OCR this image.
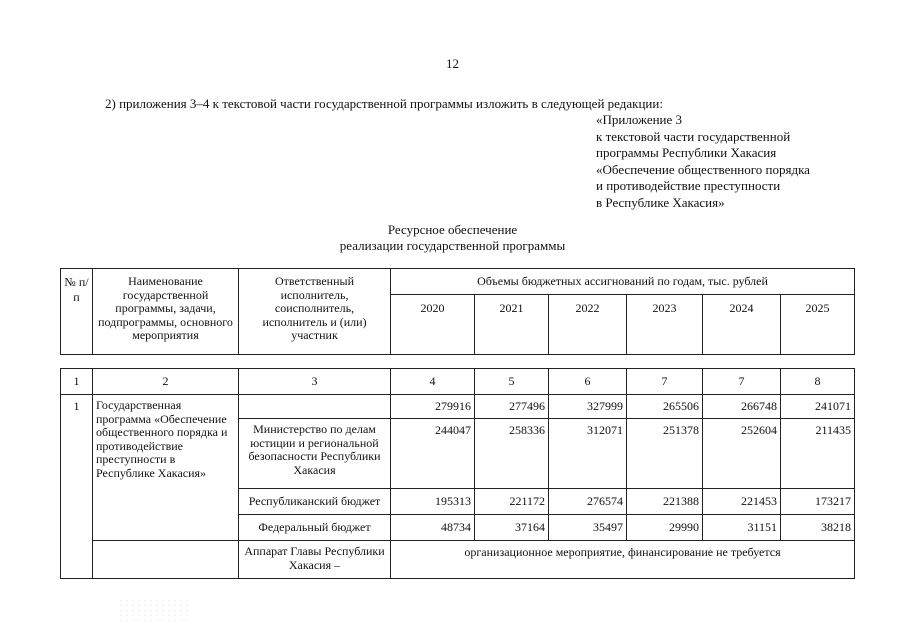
12
2) приложения 3–4 к текстовой части государственной программы изложить в следующей редакции:
«Приложение 3
к текстовой части государственной
программы Республики Хакасия
«Обеспечение общественного порядка
и противодействие преступности
в Республике Хакасия»
Ресурсное обеспечение
реализации государственной программы
№ п/п	Наименование государственной программы, задачи, подпрограммы, основного мероприятия	Ответственный исполнитель, соисполнитель, исполнитель и (или) участник	Объемы бюджетных ассигнований по годам, тыс. рублей					
			2020	2021	2022	2023	2024	2025
1	2	3	4	5	6	7	7	8
1	Государственная программа «Обеспечение общественного порядка и противодействие преступности в Республике Хакасия»		279916	277496	327999	265506	266748	241071
		Министерство по делам юстиции и региональной безопасности Республики Хакасия	244047	258336	312071	251378	252604	211435
		Республиканский бюджет	195313	221172	276574	221388	221453	173217
		Федеральный бюджет	48734	37164	35497	29990	31151	38218
		Аппарат Главы Республики Хакасия –	организационное мероприятие, финансирование не требуется					
